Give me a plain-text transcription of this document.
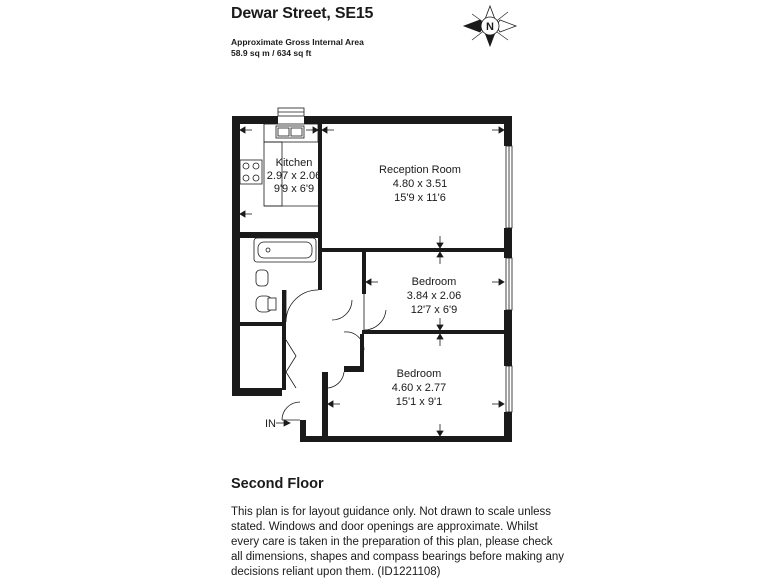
Dewar Street, SE15
Approximate Gross Internal Area
58.9 sq m / 634 sq ft
N
Kitchen
2.97 x 2.06
9'9 x 6'9
Reception Room
4.80 x 3.51
15'9 x 11'6
Bedroom
3.84 x 2.06
12'7 x 6'9
Bedroom
4.60 x 2.77
15'1 x 9'1
IN
Second Floor
This plan is for layout guidance only. Not drawn to scale unless
stated. Windows and door openings are approximate. Whilst
every care is taken in the preparation of this plan, please check
all dimensions, shapes and compass bearings before making any
decisions reliant upon them. (ID1221108)
